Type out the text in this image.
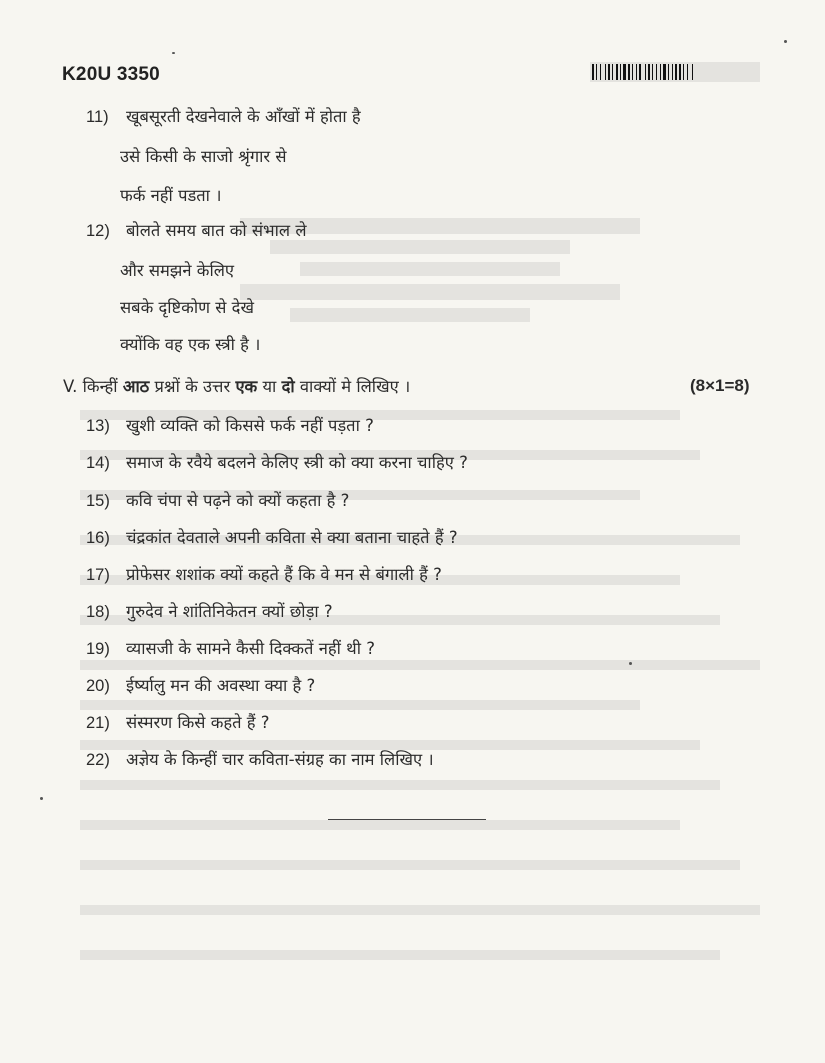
K20U 3350
11) खूबसूरती देखनेवाले के आँखों में होता है
उसे किसी के साजो श्रृंगार से
फर्क नहीं पडता ।
12) बोलते समय बात को संभाल ले
और समझने केलिए
सबके दृष्टिकोण से देखे
क्योंकि वह एक स्त्री है ।
V. किन्हीं आठ प्रश्नों के उत्तर एक या दो वाक्यों मे लिखिए ।	(8×1=8)
13) खुशी व्यक्ति को किससे फर्क नहीं पड़ता ?
14) समाज के रवैये बदलने केलिए स्त्री को क्या करना चाहिए ?
15) कवि चंपा से पढ़ने को क्यों कहता है ?
16) चंद्रकांत देवताले अपनी कविता से क्या बताना चाहते हैं ?
17) प्रोफेसर शशांक क्यों कहते हैं कि वे मन से बंगाली हैं ?
18) गुरुदेव ने शांतिनिकेतन क्यों छोड़ा ?
19) व्यासजी के सामने कैसी दिक्कतें नहीं थी ?
20) ईर्ष्यालु मन की अवस्था क्या है ?
21) संस्मरण किसे कहते हैं ?
22) अज्ञेय के किन्हीं चार कविता-संग्रह का नाम लिखिए ।
